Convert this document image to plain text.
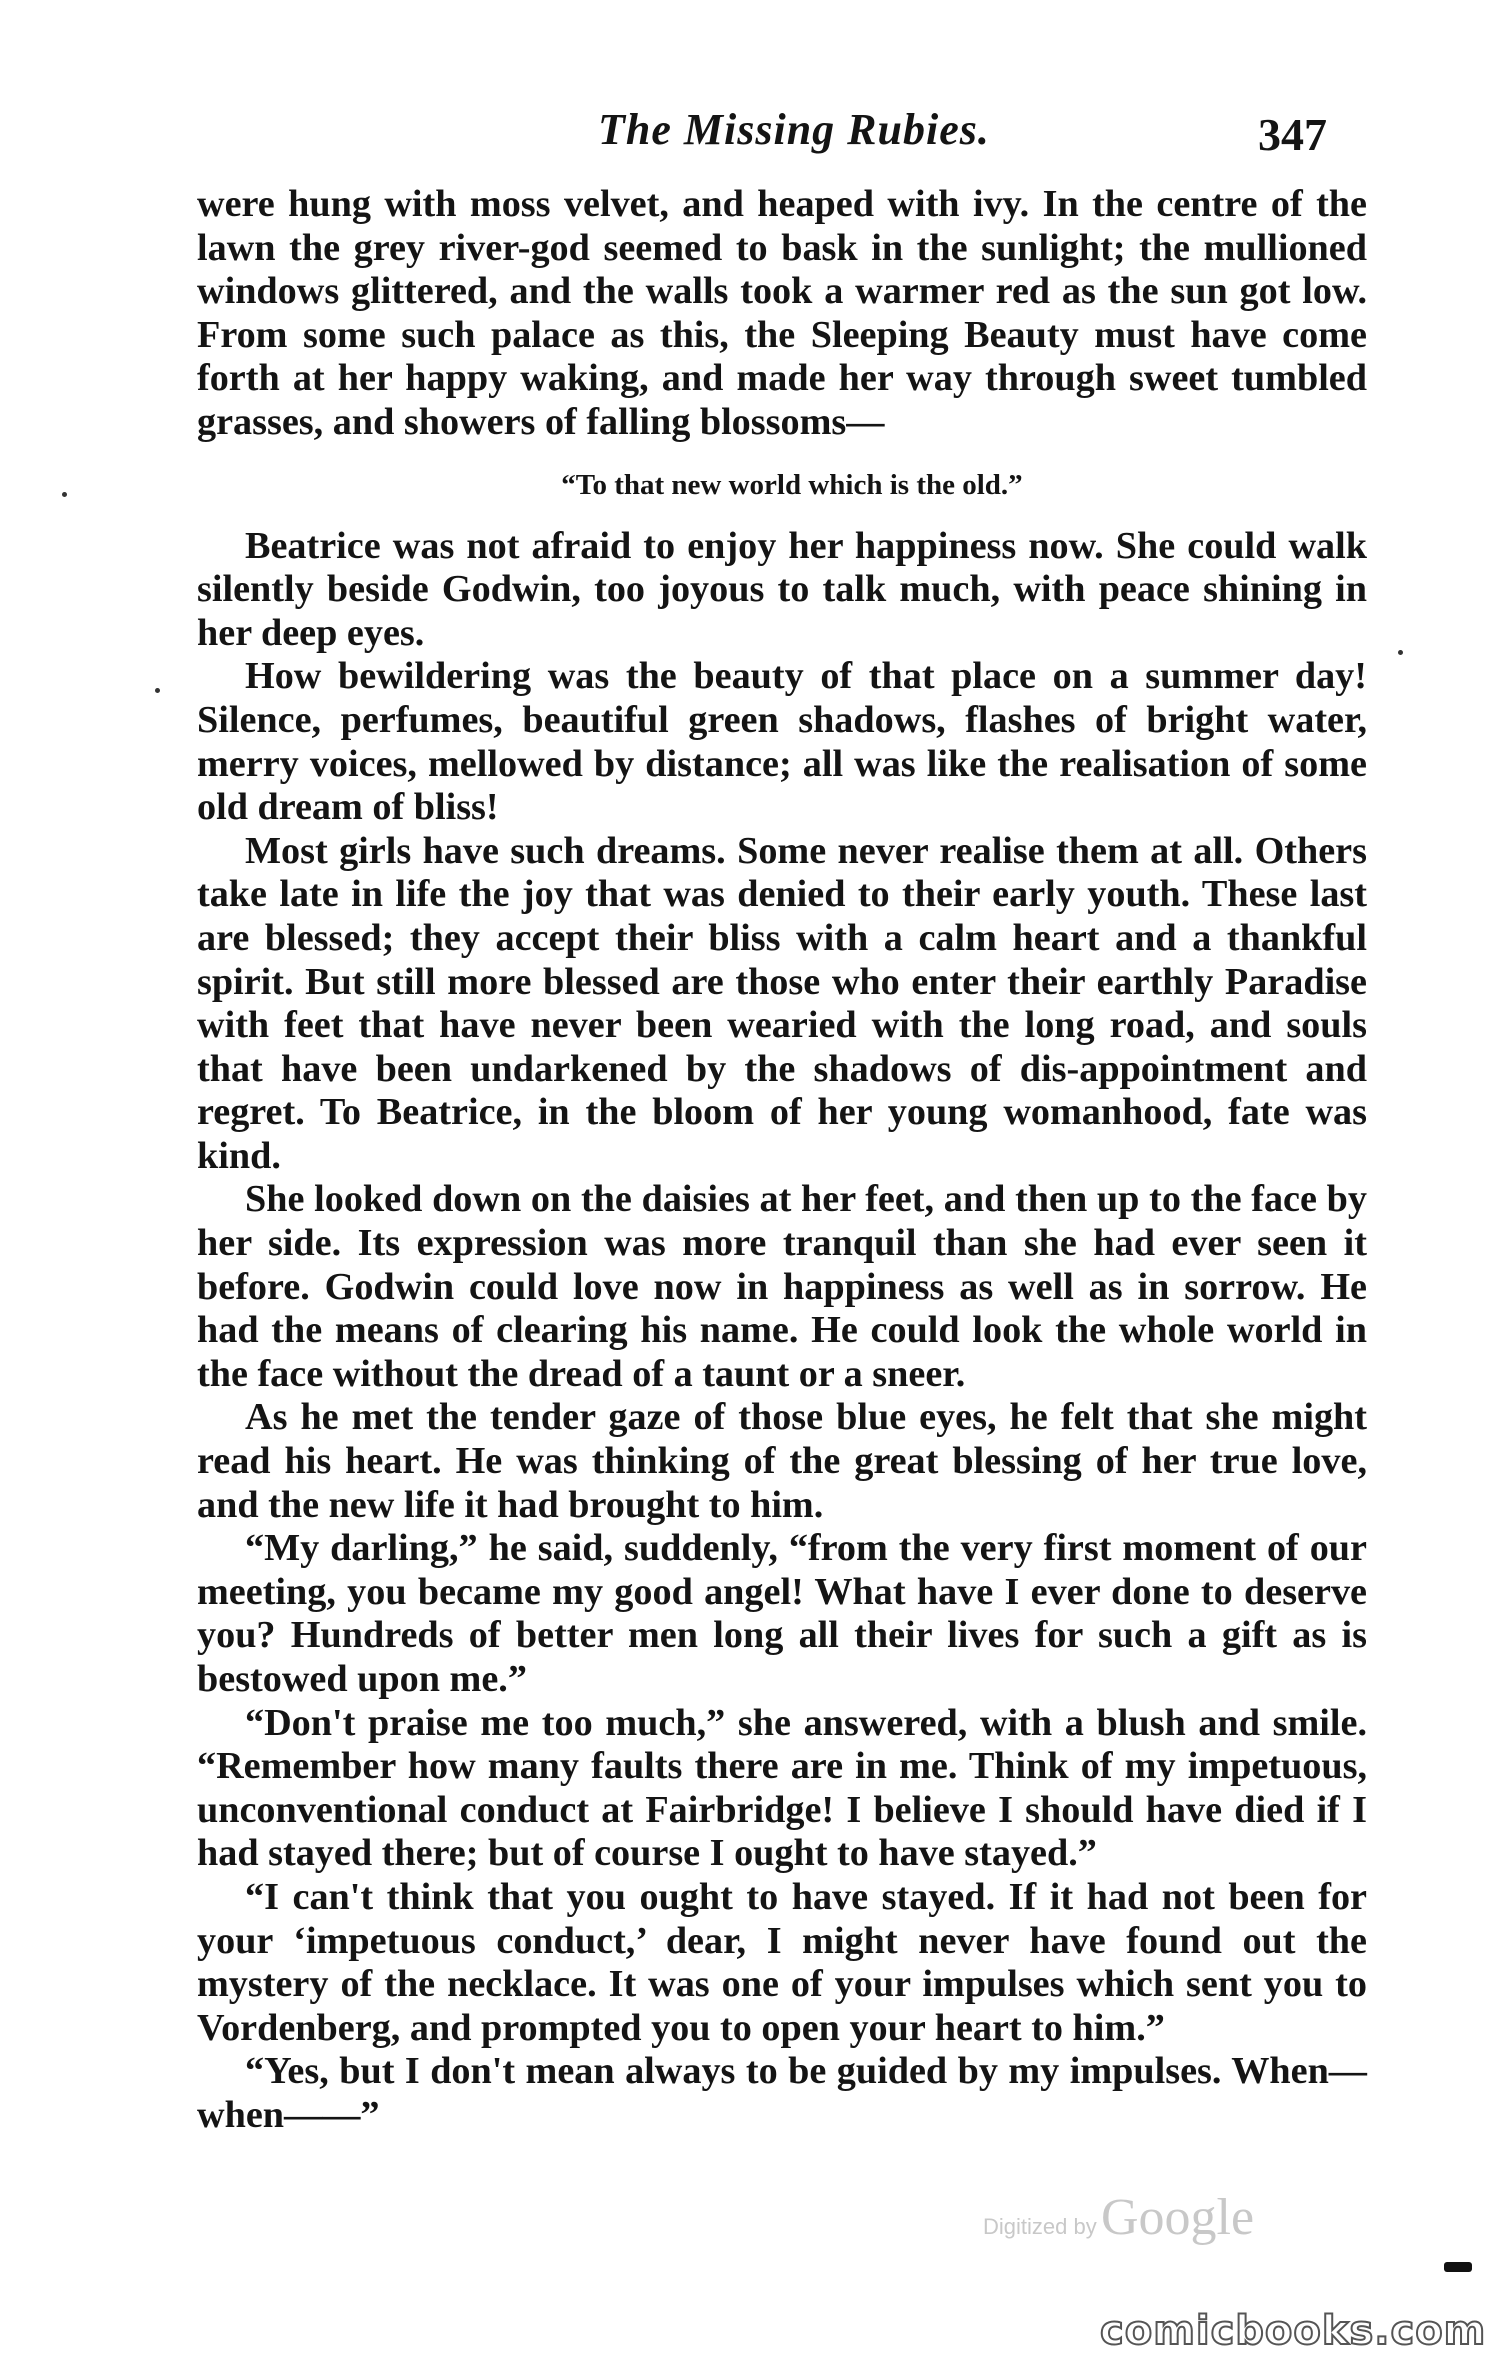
The Missing Rubies.	347

were hung with moss velvet, and heaped with ivy. In the centre of the lawn the grey river-god seemed to bask in the sunlight; the mullioned windows glittered, and the walls took a warmer red as the sun got low. From some such palace as this, the Sleeping Beauty must have come forth at her happy waking, and made her way through sweet tumbled grasses, and showers of falling blossoms—

“To that new world which is the old.”

Beatrice was not afraid to enjoy her happiness now. She could walk silently beside Godwin, too joyous to talk much, with peace shining in her deep eyes.

How bewildering was the beauty of that place on a summer day! Silence, perfumes, beautiful green shadows, flashes of bright water, merry voices, mellowed by distance; all was like the realisation of some old dream of bliss!

Most girls have such dreams. Some never realise them at all. Others take late in life the joy that was denied to their early youth. These last are blessed; they accept their bliss with a calm heart and a thankful spirit. But still more blessed are those who enter their earthly Paradise with feet that have never been wearied with the long road, and souls that have been undarkened by the shadows of dis-appointment and regret. To Beatrice, in the bloom of her young womanhood, fate was kind.

She looked down on the daisies at her feet, and then up to the face by her side. Its expression was more tranquil than she had ever seen it before. Godwin could love now in happiness as well as in sorrow. He had the means of clearing his name. He could look the whole world in the face without the dread of a taunt or a sneer.

As he met the tender gaze of those blue eyes, he felt that she might read his heart. He was thinking of the great blessing of her true love, and the new life it had brought to him.

“My darling,” he said, suddenly, “from the very first moment of our meeting, you became my good angel! What have I ever done to deserve you? Hundreds of better men long all their lives for such a gift as is bestowed upon me.”

“Don't praise me too much,” she answered, with a blush and smile. “Remember how many faults there are in me. Think of my impetuous, unconventional conduct at Fairbridge! I believe I should have died if I had stayed there; but of course I ought to have stayed.”

“I can't think that you ought to have stayed. If it had not been for your ‘impetuous conduct,’ dear, I might never have found out the mystery of the necklace. It was one of your impulses which sent you to Vordenberg, and prompted you to open your heart to him.”

“Yes, but I don't mean always to be guided by my impulses. When—when——”

Digitized by Google
comicbooks.com
